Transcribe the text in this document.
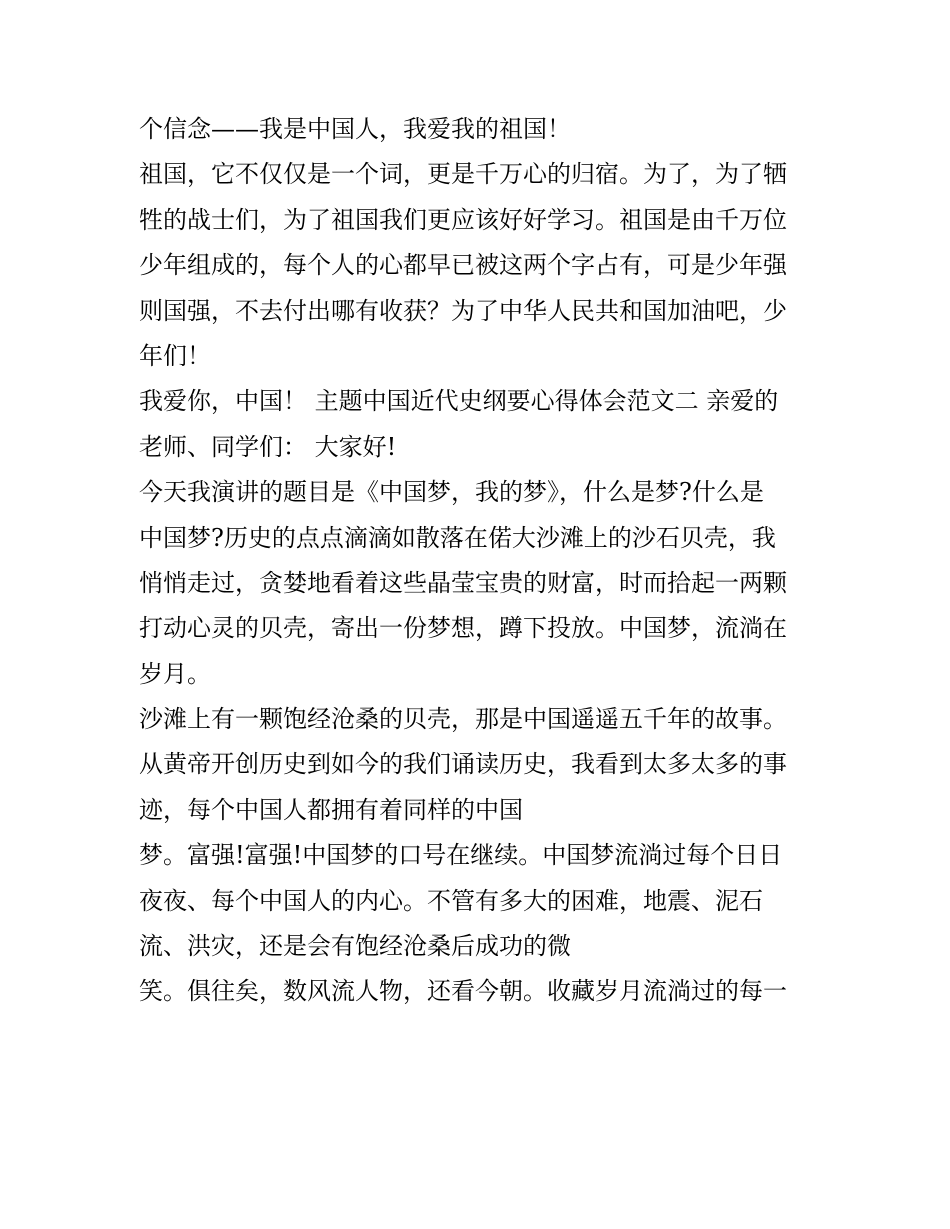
个信念——我是中国人，我爱我的祖国！
祖国，它不仅仅是一个词，更是千万心的归宿。为了，为了牺
牲的战士们，为了祖国我们更应该好好学习。祖国是由千万位
少年组成的，每个人的心都早已被这两个字占有，可是少年强
则国强，不去付出哪有收获？为了中华人民共和国加油吧，少
年们！
我爱你，中国！ 主题中国近代史纲要心得体会范文二 亲爱的
老师、同学们： 大家好!
今天我演讲的题目是《中国梦，我的梦》，什么是梦?什么是
中国梦?历史的点点滴滴如散落在偌大沙滩上的沙石贝壳，我
悄悄走过，贪婪地看着这些晶莹宝贵的财富，时而拾起一两颗
打动心灵的贝壳，寄出一份梦想，蹲下投放。中国梦，流淌在
岁月。
沙滩上有一颗饱经沧桑的贝壳，那是中国遥遥五千年的故事。
从黄帝开创历史到如今的我们诵读历史，我看到太多太多的事
迹，每个中国人都拥有着同样的中国
梦。富强!富强!中国梦的口号在继续。中国梦流淌过每个日日
夜夜、每个中国人的内心。不管有多大的困难，地震、泥石
流、洪灾，还是会有饱经沧桑后成功的微
笑。俱往矣，数风流人物，还看今朝。收藏岁月流淌过的每一
